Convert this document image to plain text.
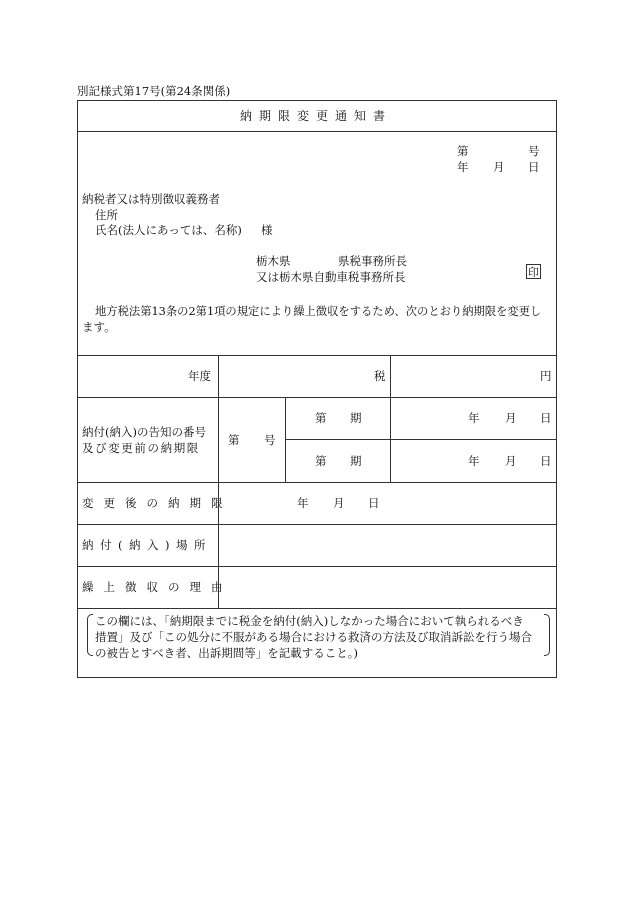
別記様式第17号(第24条関係)
納期限変更通知書
第	号
年 月 日
納税者又は特別徴収義務者
住所
氏名(法人にあっては、名称) 様
栃木県	県税事務所長
又は栃木県自動車税事務所長	印
地方税法第13条の2第1項の規定により繰上徴収をするため、次のとおり納期限を変更し
ます。
年度	税	円
納付(納入)の告知の番号
及び変更前の納期限
第 号
第 期	年 月 日
第 期	年 月 日
変更後の納期限	年 月 日
納付(納入)場所
繰上徴収の理由
この欄には、「納期限までに税金を納付(納入)しなかった場合において執られるべき
措置」及び「この処分に不服がある場合における救済の方法及び取消訴訟を行う場合
の被告とすべき者、出訴期間等」を記載すること。)
